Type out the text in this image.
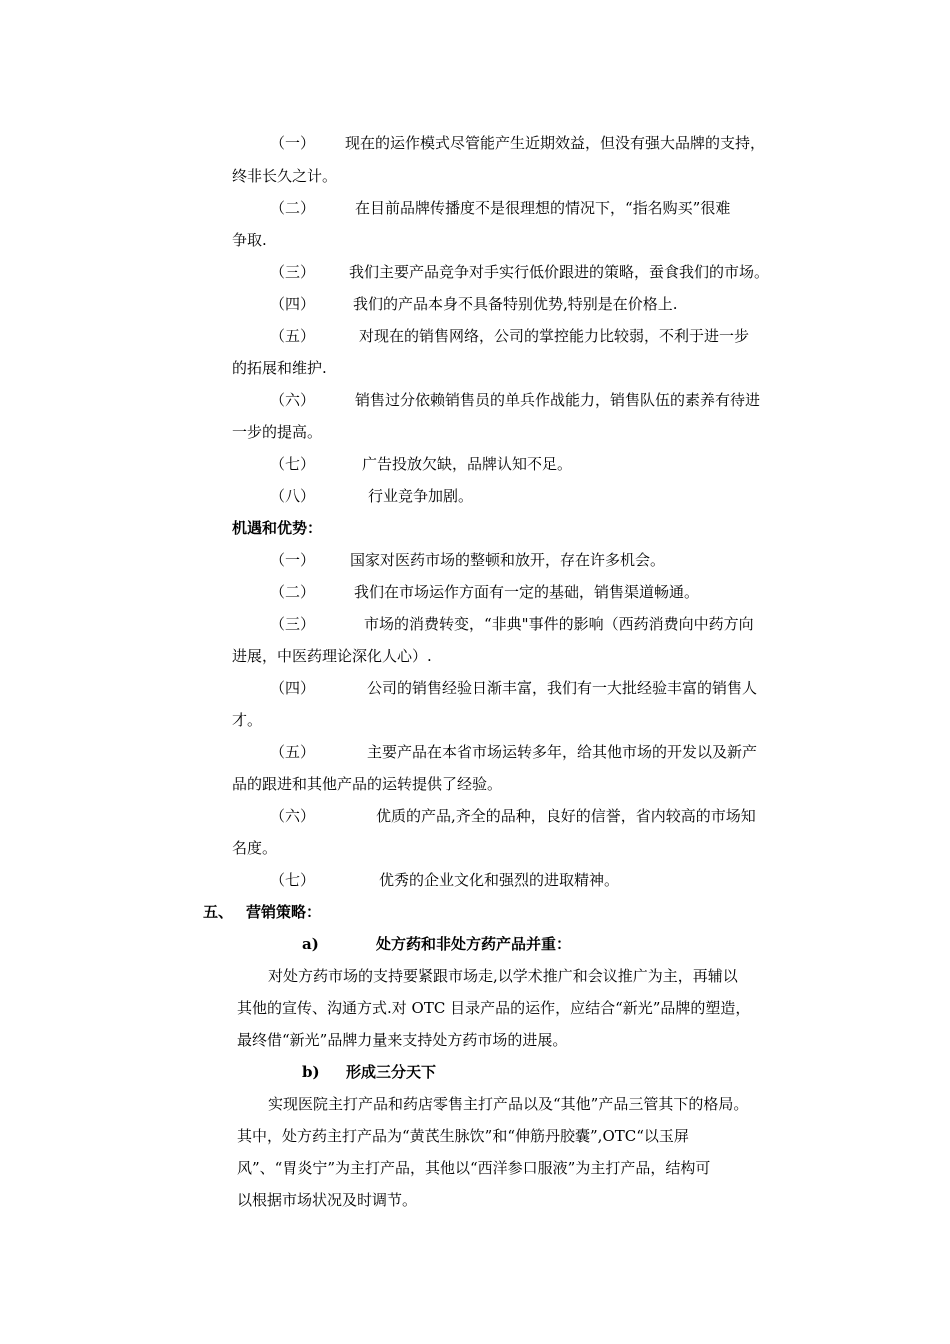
（一） 现在的运作模式尽管能产生近期效益，但没有强大品牌的支持，
终非长久之计。
（二）	在目前品牌传播度不是很理想的情况下，“指名购买”很难
争取.
（三） 我们主要产品竞争对手实行低价跟进的策略，蚕食我们的市场。
（四）	我们的产品本身不具备特别优势,特别是在价格上.
（五）	对现在的销售网络，公司的掌控能力比较弱，不利于进一步
的拓展和维护.
（六）	销售过分依赖销售员的单兵作战能力，销售队伍的素养有待进
一步的提高。
（七）	广告投放欠缺，品牌认知不足。
（八）	行业竞争加剧。
机遇和优势：
（一） 国家对医药市场的整顿和放开，存在许多机会。
（二）	我们在市场运作方面有一定的基础，销售渠道畅通。
（三）	市场的消费转变，“非典"事件的影响（西药消费向中药方向
进展，中医药理论深化人心）.
（四）	公司的销售经验日渐丰富，我们有一大批经验丰富的销售人
才。
（五）	主要产品在本省市场运转多年，给其他市场的开发以及新产
品的跟进和其他产品的运转提供了经验。
（六）	优质的产品,齐全的品种，良好的信誉，省内较高的市场知
名度。
（七）	优秀的企业文化和强烈的进取精神。
五、 营销策略：
a)	处方药和非处方药产品并重：
对处方药市场的支持要紧跟市场走,以学术推广和会议推广为主，再辅以
其他的宣传、沟通方式.对 OTC 目录产品的运作，应结合“新光”品牌的塑造，
最终借“新光”品牌力量来支持处方药市场的进展。
b) 形成三分天下
实现医院主打产品和药店零售主打产品以及“其他”产品三管其下的格局。
其中，处方药主打产品为“黄芪生脉饮”和“伸筋丹胶囊”,OTC“以玉屏
风”、“胃炎宁”为主打产品，其他以“西洋参口服液”为主打产品，结构可
以根据市场状况及时调节。
